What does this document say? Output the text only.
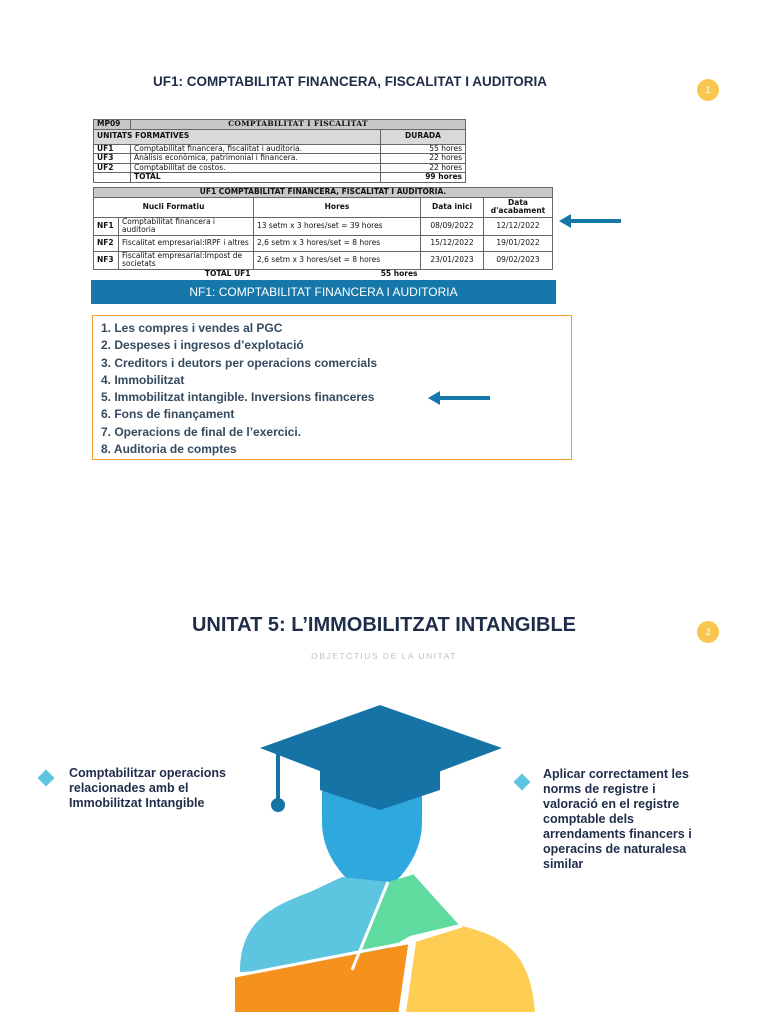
UF1: COMPTABILITAT FINANCERA, FISCALITAT I AUDITORIA
1
MP09	COMPTABILITAT I FISCALITAT	
UNITATS FORMATIVES		DURADA
UF1	Comptabilitat financera, fiscalitat i auditoria.	55 hores
UF3	Anàlisis econòmica, patrimonial i financera.	22 hores
UF2	Comptabilitat de costos.	22 hores
	TOTAL	99 hores
UF1 COMPTABILITAT FINANCERA, FISCALITAT I AUDITORIA.				
Nucli Formatiu		Hores	Data inici	Data d'acabament
NF1	Comptabilitat financera i auditoria	13 setm x 3 hores/set = 39 hores	08/09/2022	12/12/2022
NF2	Fiscalitat empresarial:IRPF i altres	2,6 setm x 3 hores/set = 8 hores	15/12/2022	19/01/2022
NF3	Fiscalitat empresarial:Impost de societats	2,6 setm x 3 hores/set = 8 hores	23/01/2023	09/02/2023
TOTAL UF1		55 hores		
NF1: COMPTABILITAT FINANCERA I AUDITORIA
1. Les compres i vendes al PGC
2. Despeses i ingresos d’explotació
3. Creditors i deutors per operacions comercials
4. Immobilitzat
5. Immobilitzat intangible. Inversions financeres
6. Fons de finançament
7. Operacions de final de l’exercici.
8. Auditoria de comptes
UNITAT 5: L’IMMOBILITZAT INTANGIBLE	2
OBJETCTIUS DE LA UNITAT
Comptabilitzar operacions relacionades amb el Immobilitzat Intangible
Aplicar correctament les norms de registre i valoració en el registre comptable dels arrendaments financers i operacins de naturalesa similar
